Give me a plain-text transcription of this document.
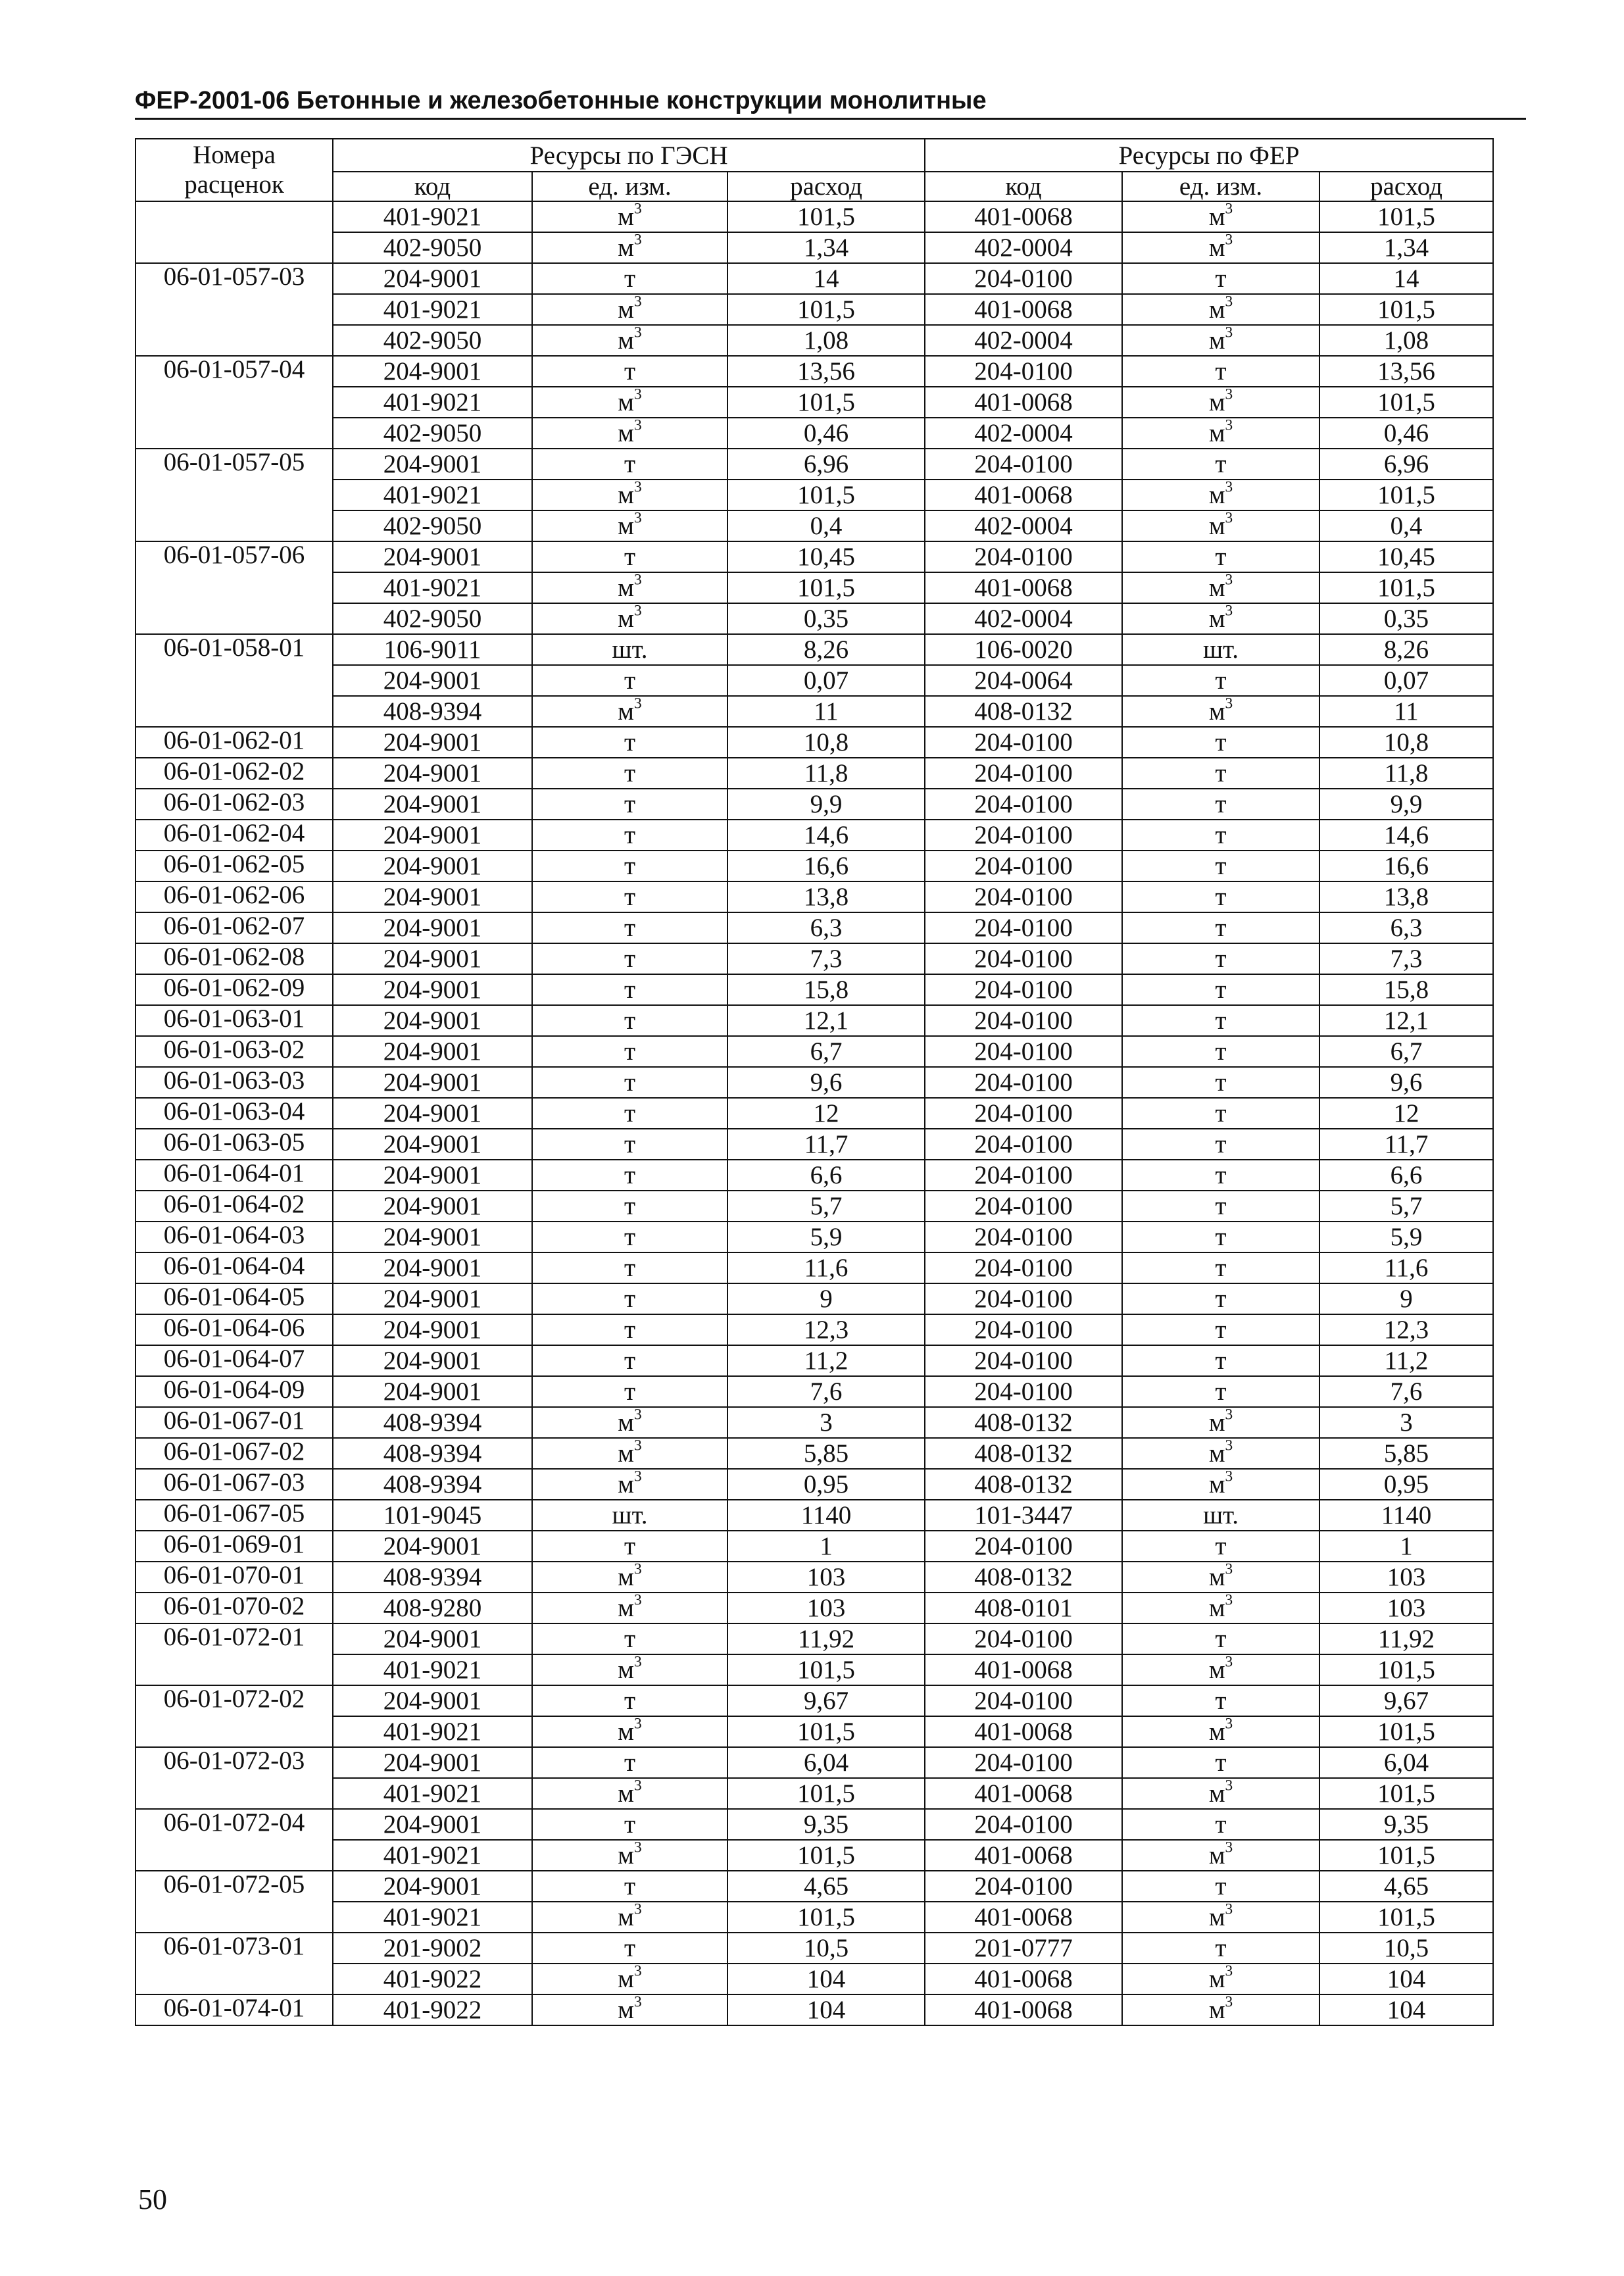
ФЕР-2001-06 Бетонные и железобетонные конструкции монолитные
Номера расценок	Ресурсы по ГЭСН			Ресурсы по ФЕР		
	код	ед. изм.	расход	код	ед. изм.	расход
	401-9021	$м^3$	101,5	401-0068	$м^3$	101,5
	402-9050	$м^3$	1,34	402-0004	$м^3$	1,34
06-01-057-03	204-9001	т	14	204-0100	т	14
	401-9021	$м^3$	101,5	401-0068	$м^3$	101,5
	402-9050	$м^3$	1,08	402-0004	$м^3$	1,08
06-01-057-04	204-9001	т	13,56	204-0100	т	13,56
	401-9021	$м^3$	101,5	401-0068	$м^3$	101,5
	402-9050	$м^3$	0,46	402-0004	$м^3$	0,46
06-01-057-05	204-9001	т	6,96	204-0100	т	6,96
	401-9021	$м^3$	101,5	401-0068	$м^3$	101,5
	402-9050	$м^3$	0,4	402-0004	$м^3$	0,4
06-01-057-06	204-9001	т	10,45	204-0100	т	10,45
	401-9021	$м^3$	101,5	401-0068	$м^3$	101,5
	402-9050	$м^3$	0,35	402-0004	$м^3$	0,35
06-01-058-01	106-9011	шт.	8,26	106-0020	шт.	8,26
	204-9001	т	0,07	204-0064	т	0,07
	408-9394	$м^3$	11	408-0132	$м^3$	11
06-01-062-01	204-9001	т	10,8	204-0100	т	10,8
06-01-062-02	204-9001	т	11,8	204-0100	т	11,8
06-01-062-03	204-9001	т	9,9	204-0100	т	9,9
06-01-062-04	204-9001	т	14,6	204-0100	т	14,6
06-01-062-05	204-9001	т	16,6	204-0100	т	16,6
06-01-062-06	204-9001	т	13,8	204-0100	т	13,8
06-01-062-07	204-9001	т	6,3	204-0100	т	6,3
06-01-062-08	204-9001	т	7,3	204-0100	т	7,3
06-01-062-09	204-9001	т	15,8	204-0100	т	15,8
06-01-063-01	204-9001	т	12,1	204-0100	т	12,1
06-01-063-02	204-9001	т	6,7	204-0100	т	6,7
06-01-063-03	204-9001	т	9,6	204-0100	т	9,6
06-01-063-04	204-9001	т	12	204-0100	т	12
06-01-063-05	204-9001	т	11,7	204-0100	т	11,7
06-01-064-01	204-9001	т	6,6	204-0100	т	6,6
06-01-064-02	204-9001	т	5,7	204-0100	т	5,7
06-01-064-03	204-9001	т	5,9	204-0100	т	5,9
06-01-064-04	204-9001	т	11,6	204-0100	т	11,6
06-01-064-05	204-9001	т	9	204-0100	т	9
06-01-064-06	204-9001	т	12,3	204-0100	т	12,3
06-01-064-07	204-9001	т	11,2	204-0100	т	11,2
06-01-064-09	204-9001	т	7,6	204-0100	т	7,6
06-01-067-01	408-9394	$м^3$	3	408-0132	$м^3$	3
06-01-067-02	408-9394	$м^3$	5,85	408-0132	$м^3$	5,85
06-01-067-03	408-9394	$м^3$	0,95	408-0132	$м^3$	0,95
06-01-067-05	101-9045	шт.	1140	101-3447	шт.	1140
06-01-069-01	204-9001	т	1	204-0100	т	1
06-01-070-01	408-9394	$м^3$	103	408-0132	$м^3$	103
06-01-070-02	408-9280	$м^3$	103	408-0101	$м^3$	103
06-01-072-01	204-9001	т	11,92	204-0100	т	11,92
	401-9021	$м^3$	101,5	401-0068	$м^3$	101,5
06-01-072-02	204-9001	т	9,67	204-0100	т	9,67
	401-9021	$м^3$	101,5	401-0068	$м^3$	101,5
06-01-072-03	204-9001	т	6,04	204-0100	т	6,04
	401-9021	$м^3$	101,5	401-0068	$м^3$	101,5
06-01-072-04	204-9001	т	9,35	204-0100	т	9,35
	401-9021	$м^3$	101,5	401-0068	$м^3$	101,5
06-01-072-05	204-9001	т	4,65	204-0100	т	4,65
	401-9021	$м^3$	101,5	401-0068	$м^3$	101,5
06-01-073-01	201-9002	т	10,5	201-0777	т	10,5
	401-9022	$м^3$	104	401-0068	$м^3$	104
06-01-074-01	401-9022	$м^3$	104	401-0068	$м^3$	104
50
